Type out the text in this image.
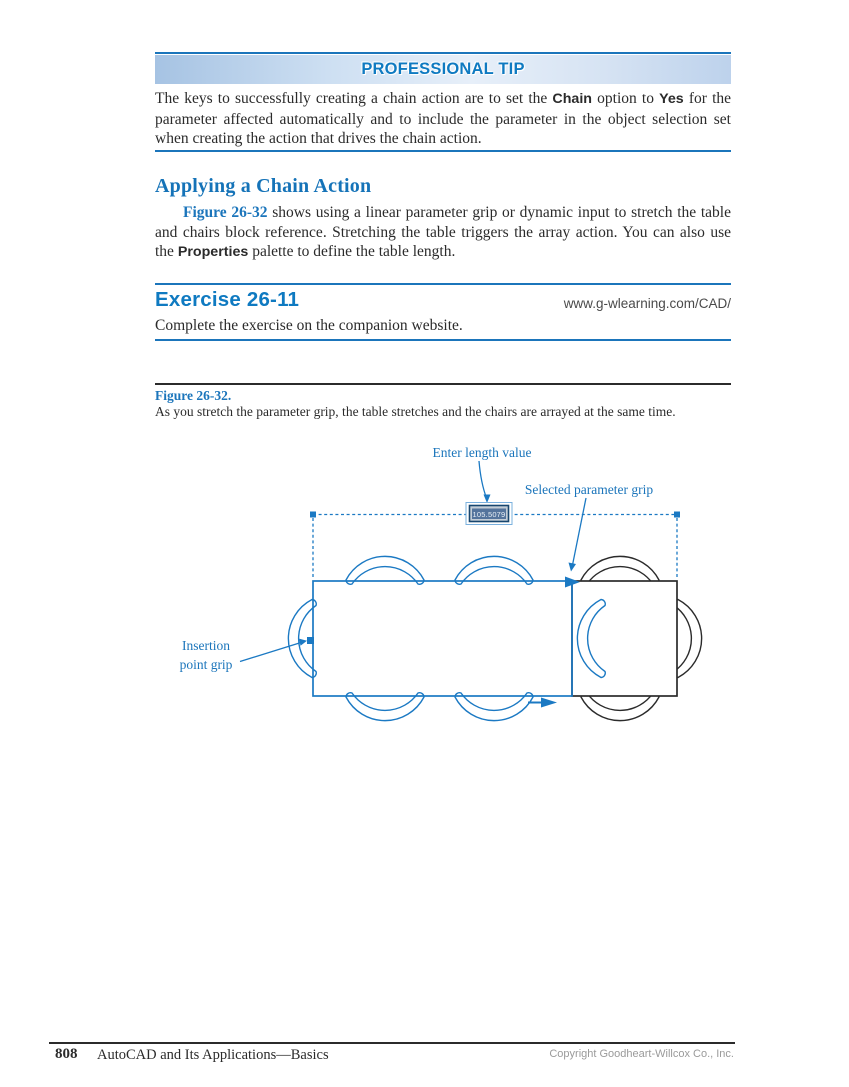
PROFESSIONAL TIP
The keys to successfully creating a chain action are to set the Chain option to Yes for the parameter affected automatically and to include the parameter in the object selection set when creating the action that drives the chain action.
Applying a Chain Action
Figure 26-32 shows using a linear parameter grip or dynamic input to stretch the table and chairs block reference. Stretching the table triggers the array action. You can also use the Properties palette to define the table length.
Exercise 26-11	www.g-wlearning.com/CAD/
Complete the exercise on the companion website.
Figure 26-32.
As you stretch the parameter grip, the table stretches and the chairs are arrayed at the same time.
105.5079
Enter length value
Selected parameter grip
Insertion
point grip
808 AutoCAD and Its Applications—Basics	Copyright Goodheart-Willcox Co., Inc.
